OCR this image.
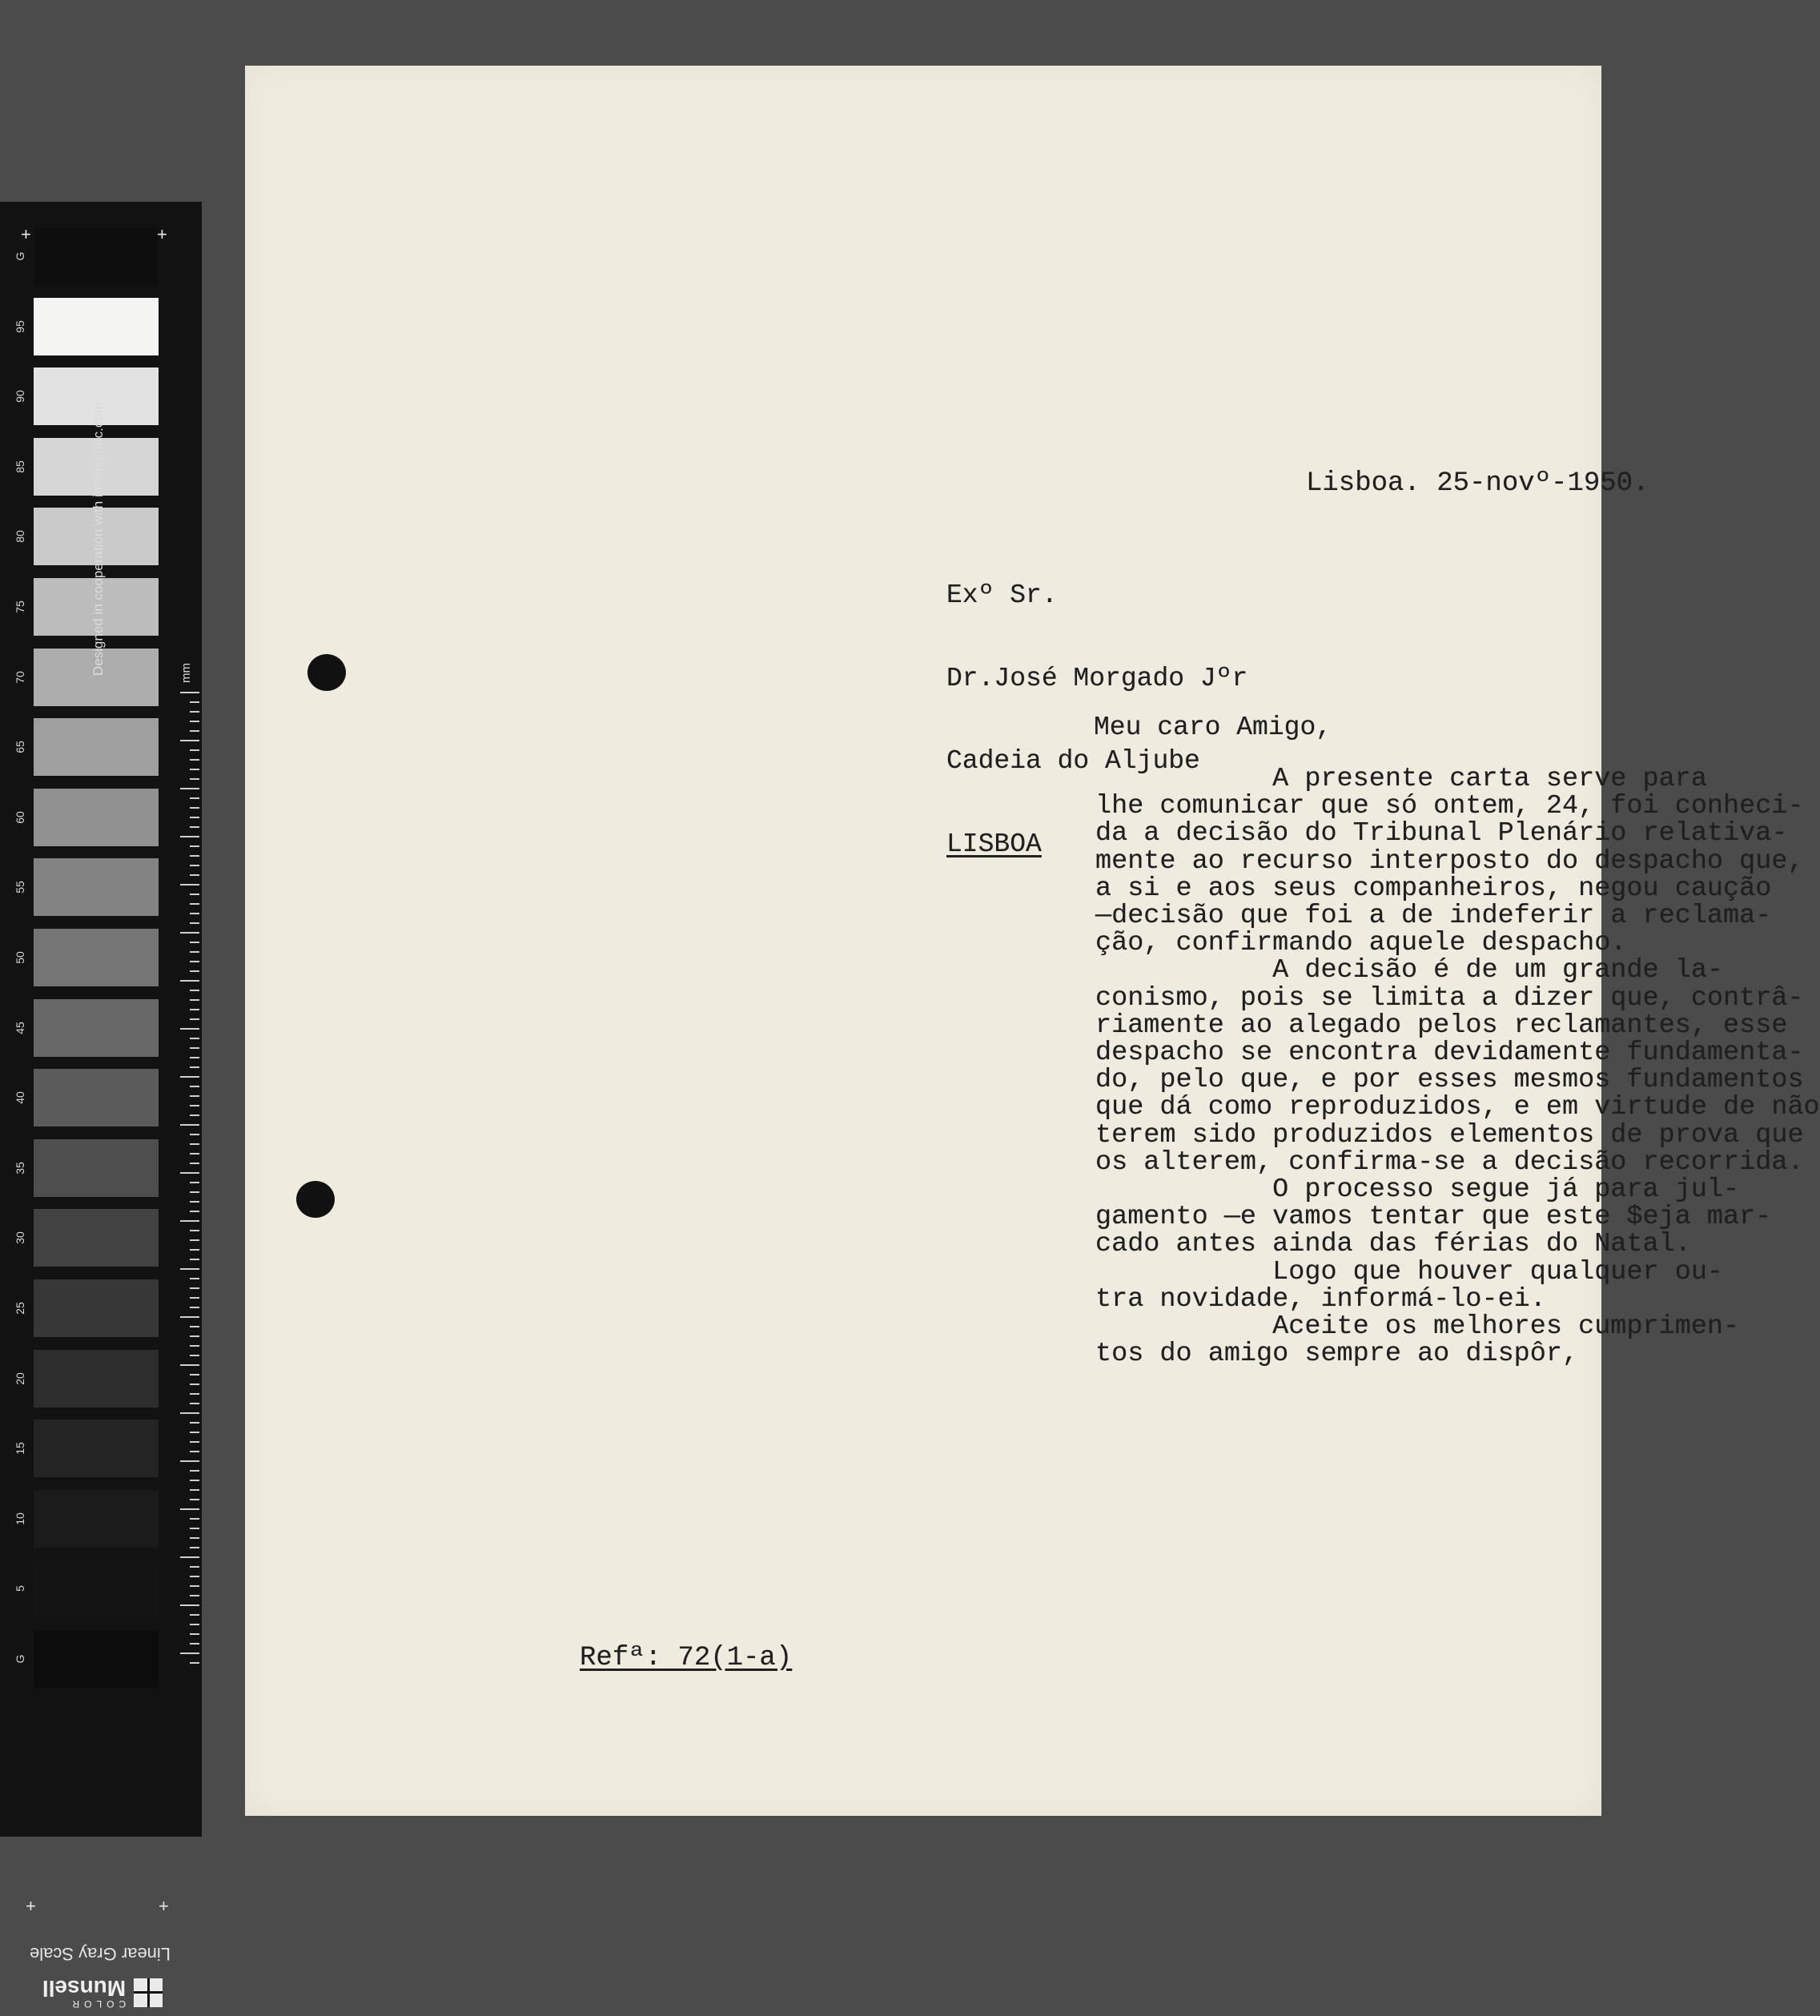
G
95
90
85
80
75
70
65
60
55
50
45
40
35
30
25
20
15
10
5
G
+	+
+	+
Designed in cooperation with imagingetc.com	mm
Linear Gray Scale
COLOR
Munsell

Lisboa. 25-novº-1950.

Exº Sr.

Dr.José Morgado Jºr

Cadeia do Aljube

LISBOA

Meu caro Amigo,

A presente carta serve para
lhe comunicar que só ontem, 24, foi conheci-
da a decisão do Tribunal Plenário relativa-
mente ao recurso interposto do despacho que,
a si e aos seus companheiros, negou caução
—decisão que foi a de indeferir a reclama-
ção, confirmando aquele despacho.
A decisão é de um grande la-
conismo, pois se limita a dizer que, contrâ-
riamente ao alegado pelos reclamantes, esse
despacho se encontra devidamente fundamenta-
do, pelo que, e por esses mesmos fundamentos
que dá como reproduzidos, e em virtude de não
terem sido produzidos elementos de prova que
os alterem, confirma-se a decisão recorrida.
O processo segue já para jul-
gamento —e vamos tentar que este $eja mar-
cado antes ainda das férias do Natal.
Logo que houver qualquer ou-
tra novidade, informá-lo-ei.
Aceite os melhores cumprimen-
tos do amigo sempre ao dispôr,

Refª: 72(1-a)
